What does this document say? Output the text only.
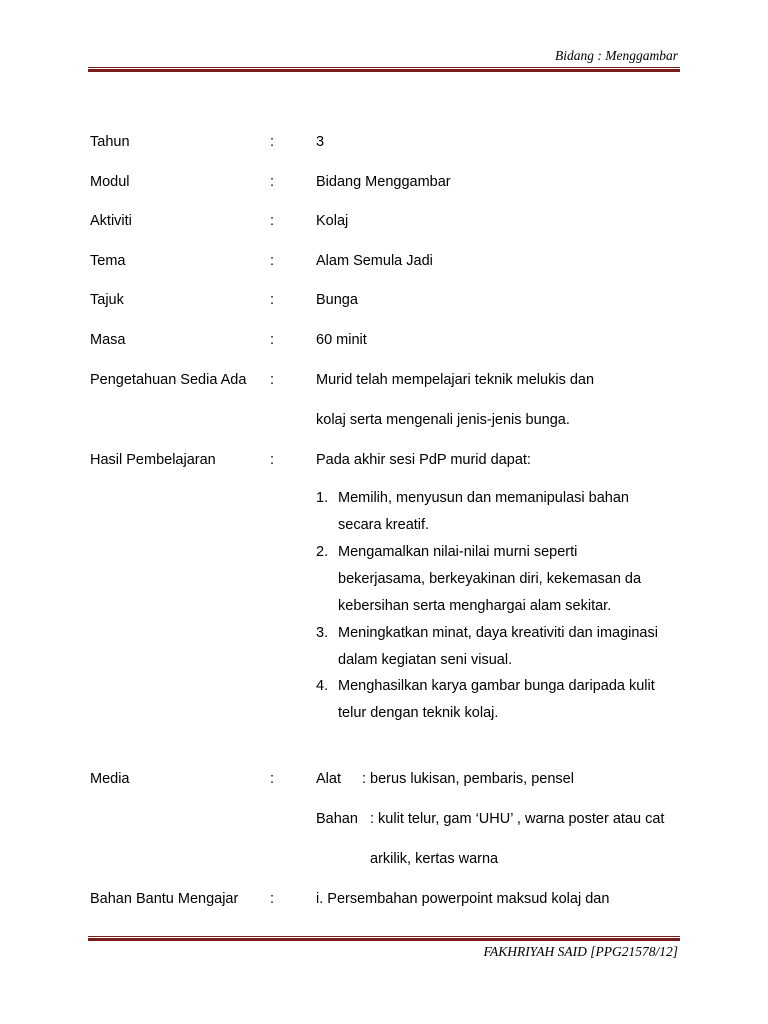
Bidang : Menggambar
Tahun	:	3
Modul	:	Bidang Menggambar
Aktiviti	:	Kolaj
Tema	:	Alam Semula Jadi
Tajuk	:	Bunga
Masa	:	60 minit
Pengetahuan Sedia Ada :	Murid telah mempelajari teknik melukis dan
kolaj serta mengenali jenis-jenis bunga.
Hasil Pembelajaran	:	Pada akhir sesi PdP murid dapat:
1. Memilih, menyusun dan memanipulasi bahan
secara kreatif.
2. Mengamalkan nilai-nilai murni seperti
bekerjasama, berkeyakinan diri, kekemasan da
kebersihan serta menghargai alam sekitar.
3. Meningkatkan minat, daya kreativiti dan imaginasi
dalam kegiatan seni visual.
4. Menghasilkan karya gambar bunga daripada kulit
telur dengan teknik kolaj.
Media	:	Alat : berus lukisan, pembaris, pensel
Bahan : kulit telur, gam ‘UHU’ , warna poster atau cat
arkilik, kertas warna
Bahan Bantu Mengajar :	i. Persembahan powerpoint maksud kolaj dan
FAKHRIYAH SAID [PPG21578/12]
